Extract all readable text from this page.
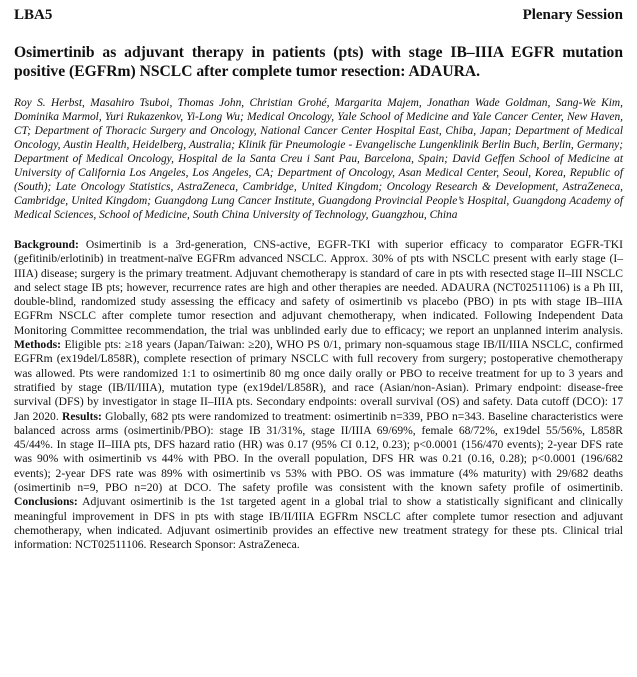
LBA5	Plenary Session
Osimertinib as adjuvant therapy in patients (pts) with stage IB–IIIA EGFR mutation positive (EGFRm) NSCLC after complete tumor resection: ADAURA.
Roy S. Herbst, Masahiro Tsuboi, Thomas John, Christian Grohé, Margarita Majem, Jonathan Wade Goldman, Sang-We Kim, Dominika Marmol, Yuri Rukazenkov, Yi-Long Wu; Medical Oncology, Yale School of Medicine and Yale Cancer Center, New Haven, CT; Department of Thoracic Surgery and Oncology, National Cancer Center Hospital East, Chiba, Japan; Department of Medical Oncology, Austin Health, Heidelberg, Australia; Klinik für Pneumologie - Evangelische Lungenklinik Berlin Buch, Berlin, Germany; Department of Medical Oncology, Hospital de la Santa Creu i Sant Pau, Barcelona, Spain; David Geffen School of Medicine at University of California Los Angeles, Los Angeles, CA; Department of Oncology, Asan Medical Center, Seoul, Korea, Republic of (South); Late Oncology Statistics, AstraZeneca, Cambridge, United Kingdom; Oncology Research & Development, AstraZeneca, Cambridge, United Kingdom; Guangdong Lung Cancer Institute, Guangdong Provincial People’s Hospital, Guangdong Academy of Medical Sciences, School of Medicine, South China University of Technology, Guangzhou, China
Background: Osimertinib is a 3rd-generation, CNS-active, EGFR-TKI with superior efficacy to comparator EGFR-TKI (gefitinib/erlotinib) in treatment-naïve EGFRm advanced NSCLC. Approx. 30% of pts with NSCLC present with early stage (I–IIIA) disease; surgery is the primary treatment. Adjuvant chemotherapy is standard of care in pts with resected stage II–III NSCLC and select stage IB pts; however, recurrence rates are high and other therapies are needed. ADAURA (NCT02511106) is a Ph III, double-blind, randomized study assessing the efficacy and safety of osimertinib vs placebo (PBO) in pts with stage IB–IIIA EGFRm NSCLC after complete tumor resection and adjuvant chemotherapy, when indicated. Following Independent Data Monitoring Committee recommendation, the trial was unblinded early due to efficacy; we report an unplanned interim analysis. Methods: Eligible pts: ≥18 years (Japan/Taiwan: ≥20), WHO PS 0/1, primary non-squamous stage IB/II/IIIA NSCLC, confirmed EGFRm (ex19del/L858R), complete resection of primary NSCLC with full recovery from surgery; postoperative chemotherapy was allowed. Pts were randomized 1:1 to osimertinib 80 mg once daily orally or PBO to receive treatment for up to 3 years and stratified by stage (IB/II/IIIA), mutation type (ex19del/L858R), and race (Asian/non-Asian). Primary endpoint: disease-free survival (DFS) by investigator in stage II–IIIA pts. Secondary endpoints: overall survival (OS) and safety. Data cutoff (DCO): 17 Jan 2020. Results: Globally, 682 pts were randomized to treatment: osimertinib n=339, PBO n=343. Baseline characteristics were balanced across arms (osimertinib/PBO): stage IB 31/31%, stage II/IIIA 69/69%, female 68/72%, ex19del 55/56%, L858R 45/44%. In stage II–IIIA pts, DFS hazard ratio (HR) was 0.17 (95% CI 0.12, 0.23); p<0.0001 (156/470 events); 2-year DFS rate was 90% with osimertinib vs 44% with PBO. In the overall population, DFS HR was 0.21 (0.16, 0.28); p<0.0001 (196/682 events); 2-year DFS rate was 89% with osimertinib vs 53% with PBO. OS was immature (4% maturity) with 29/682 deaths (osimertinib n=9, PBO n=20) at DCO. The safety profile was consistent with the known safety profile of osimertinib. Conclusions: Adjuvant osimertinib is the 1st targeted agent in a global trial to show a statistically significant and clinically meaningful improvement in DFS in pts with stage IB/II/IIIA EGFRm NSCLC after complete tumor resection and adjuvant chemotherapy, when indicated. Adjuvant osimertinib provides an effective new treatment strategy for these pts. Clinical trial information: NCT02511106. Research Sponsor: AstraZeneca.
